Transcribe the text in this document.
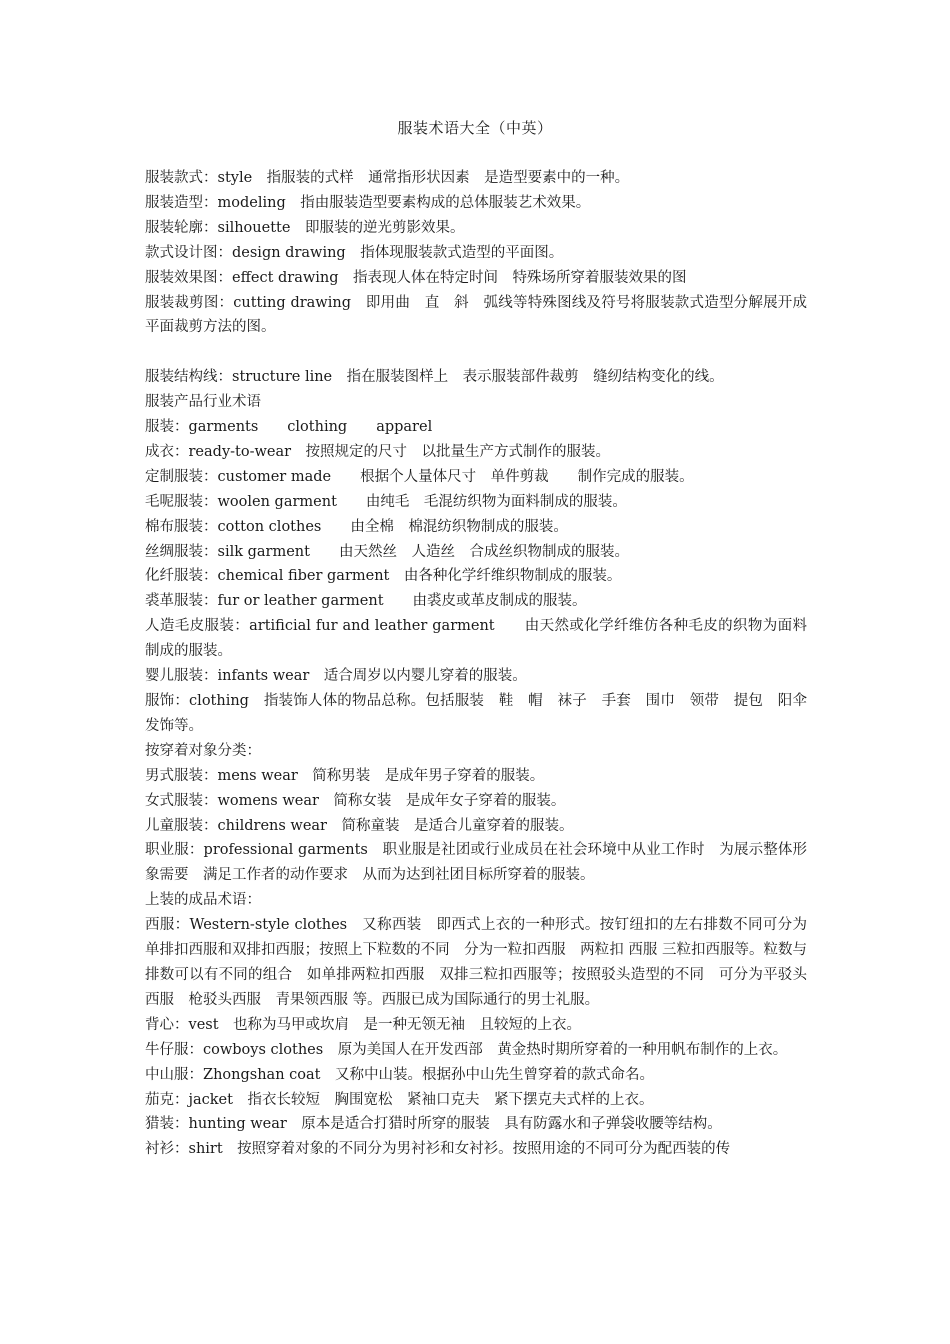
服装术语大全（中英）

服装款式：style　指服装的式样　通常指形状因素　是造型要素中的一种。

服装造型：modeling　指由服装造型要素构成的总体服装艺术效果。

服装轮廓：silhouette　即服装的逆光剪影效果。

款式设计图：design drawing　指体现服装款式造型的平面图。

服装效果图：effect drawing　指表现人体在特定时间　特殊场所穿着服装效果的图

服装裁剪图：cutting drawing　即用曲　直　斜　弧线等特殊图线及符号将服装款式造型分解展开成平面裁剪方法的图。

服装结构线：structure line　指在服装图样上　表示服装部件裁剪　缝纫结构变化的线。

服装产品行业术语

服装：garments　　clothing　　apparel

成衣：ready-to-wear　按照规定的尺寸　以批量生产方式制作的服装。

定制服装：customer made　　根据个人量体尺寸　单件剪裁　　制作完成的服装。

毛呢服装：woolen garment　　由纯毛　毛混纺织物为面料制成的服装。

棉布服装：cotton clothes　　由全棉　棉混纺织物制成的服装。

丝绸服装：silk garment　　由天然丝　人造丝　合成丝织物制成的服装。

化纤服装：chemical fiber garment　由各种化学纤维织物制成的服装。

裘革服装：fur or leather garment　　由裘皮或革皮制成的服装。

人造毛皮服装：artificial fur and leather garment　　由天然或化学纤维仿各种毛皮的织物为面料制成的服装。

婴儿服装：infants wear　适合周岁以内婴儿穿着的服装。

服饰：clothing　指装饰人体的物品总称。包括服装　鞋　帽　袜子　手套　围巾　领带　提包　阳伞　发饰等。

按穿着对象分类：

男式服装：mens wear　简称男装　是成年男子穿着的服装。

女式服装：womens wear　简称女装　是成年女子穿着的服装。

儿童服装：childrens wear　简称童装　是适合儿童穿着的服装。

职业服：professional garments　职业服是社团或行业成员在社会环境中从业工作时　为展示整体形象需要　满足工作者的动作要求　从而为达到社团目标所穿着的服装。

上装的成品术语：

西服：Western-style clothes　又称西装　即西式上衣的一种形式。按钉纽扣的左右排数不同可分为单排扣西服和双排扣西服；按照上下粒数的不同　分为一粒扣西服　两粒扣 西服 三粒扣西服等。粒数与排数可以有不同的组合　如单排两粒扣西服　双排三粒扣西服等；按照驳头造型的不同　可分为平驳头西服　枪驳头西服　青果领西服 等。西服已成为国际通行的男士礼服。

背心：vest　也称为马甲或坎肩　是一种无领无袖　且较短的上衣。

牛仔服：cowboys clothes　原为美国人在开发西部　黄金热时期所穿着的一种用帆布制作的上衣。

中山服：Zhongshan coat　又称中山装。根据孙中山先生曾穿着的款式命名。

茄克：jacket　指衣长较短　胸围宽松　紧袖口克夫　紧下摆克夫式样的上衣。

猎装：hunting wear　原本是适合打猎时所穿的服装　具有防露水和子弹袋收腰等结构。

衬衫：shirt　按照穿着对象的不同分为男衬衫和女衬衫。按照用途的不同可分为配西装的传
